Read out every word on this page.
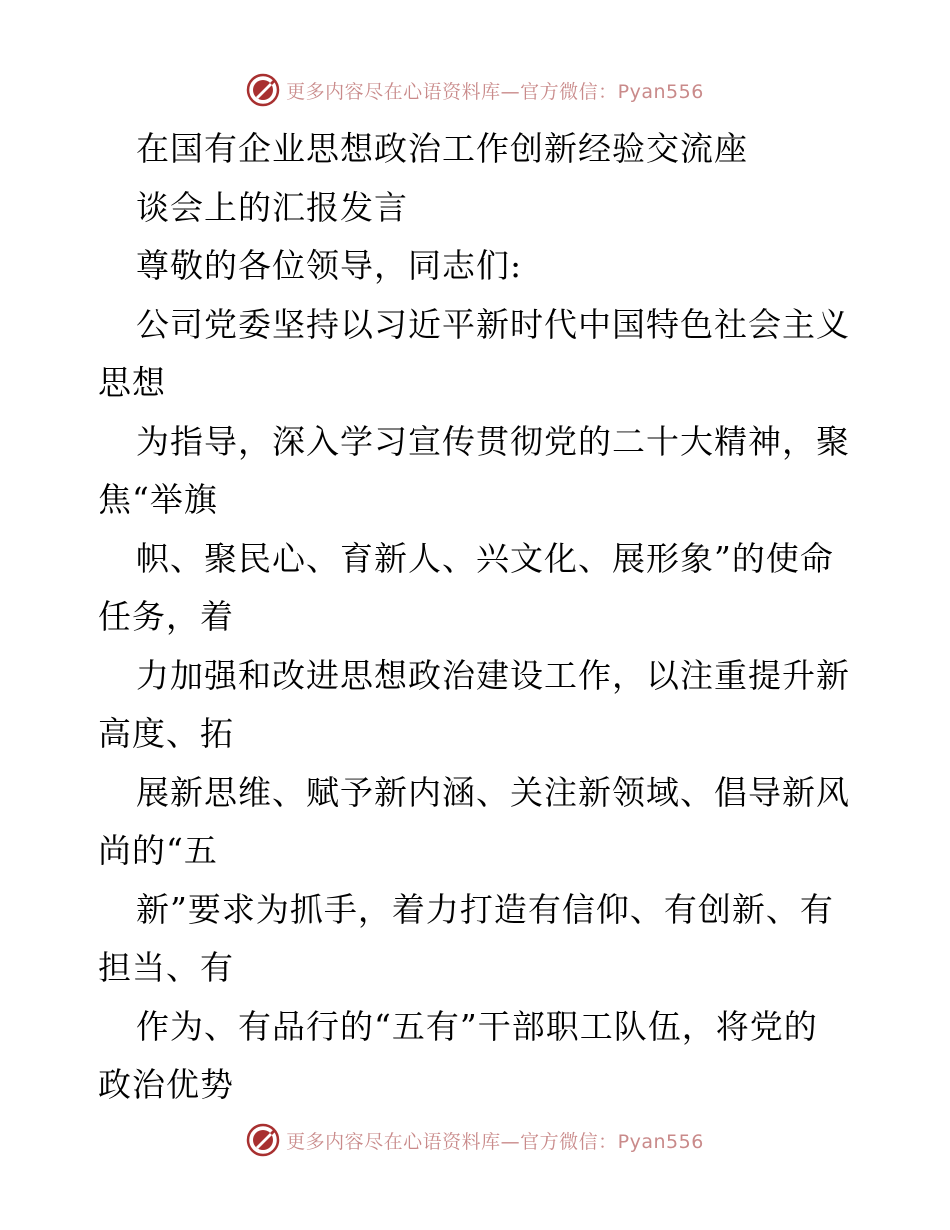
更多内容尽在心语资料库—官方微信：Pyan556
在国有企业思想政治工作创新经验交流座
谈会上的汇报发言
尊敬的各位领导，同志们:
公司党委坚持以习近平新时代中国特色社会主义
思想
为指导，深入学习宣传贯彻党的二十大精神，聚
焦“举旗
帜、聚民心、育新人、兴文化、展形象”的使命
任务，着
力加强和改进思想政治建设工作，以注重提升新
高度、拓
展新思维、赋予新内涵、关注新领域、倡导新风
尚的“五
新”要求为抓手，着力打造有信仰、有创新、有
担当、有
作为、有品行的“五有”干部职工队伍，将党的
政治优势
更多内容尽在心语资料库—官方微信：Pyan556
